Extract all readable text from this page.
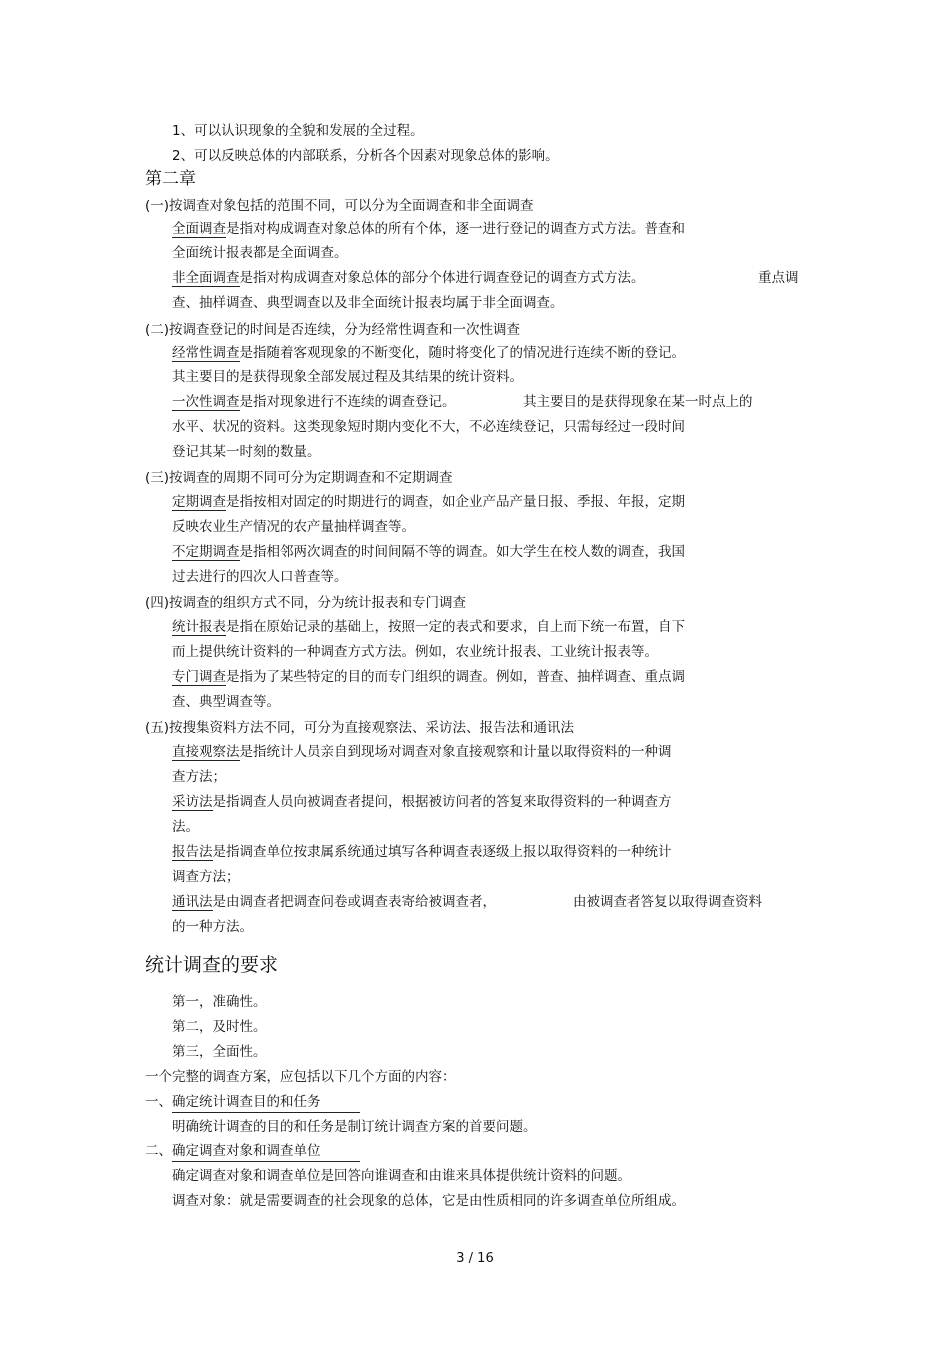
1、可以认识现象的全貌和发展的全过程。
2、可以反映总体的内部联系，分析各个因素对现象总体的影响。
第二章
(一)按调查对象包括的范围不同，可以分为全面调查和非全面调查
全面调查是指对构成调查对象总体的所有个体，逐一进行登记的调查方式方法。普查和
全面统计报表都是全面调查。
非全面调查是指对构成调查对象总体的部分个体进行调查登记的调查方式方法。	重点调
查、抽样调查、典型调查以及非全面统计报表均属于非全面调查。
(二)按调查登记的时间是否连续，分为经常性调查和一次性调查
经常性调查是指随着客观现象的不断变化，随时将变化了的情况进行连续不断的登记。
其主要目的是获得现象全部发展过程及其结果的统计资料。
一次性调查是指对现象进行不连续的调查登记。	其主要目的是获得现象在某一时点上的
水平、状况的资料。这类现象短时期内变化不大，不必连续登记，只需每经过一段时间
登记其某一时刻的数量。
(三)按调查的周期不同可分为定期调查和不定期调查
定期调查是指按相对固定的时期进行的调查，如企业产品产量日报、季报、年报，定期
反映农业生产情况的农产量抽样调查等。
不定期调查是指相邻两次调查的时间间隔不等的调查。如大学生在校人数的调查，我国
过去进行的四次人口普查等。
(四)按调查的组织方式不同，分为统计报表和专门调查
统计报表是指在原始记录的基础上，按照一定的表式和要求，自上而下统一布置，自下
而上提供统计资料的一种调查方式方法。例如，农业统计报表、工业统计报表等。
专门调查是指为了某些特定的目的而专门组织的调查。例如，普查、抽样调查、重点调
查、典型调查等。
(五)按搜集资料方法不同，可分为直接观察法、采访法、报告法和通讯法
直接观察法是指统计人员亲自到现场对调查对象直接观察和计量以取得资料的一种调
查方法；
采访法是指调查人员向被调查者提问，根据被访问者的答复来取得资料的一种调查方
法。
报告法是指调查单位按隶属系统通过填写各种调查表逐级上报以取得资料的一种统计
调查方法；
通讯法是由调查者把调查问卷或调查表寄给被调查者，	由被调查者答复以取得调查资料
的一种方法。
统计调查的要求
第一，准确性。
第二，及时性。
第三，全面性。
一个完整的调查方案，应包括以下几个方面的内容：
一、确定统计调查目的和任务
明确统计调查的目的和任务是制订统计调查方案的首要问题。
二、确定调查对象和调查单位
确定调查对象和调查单位是回答向谁调查和由谁来具体提供统计资料的问题。
调查对象：就是需要调查的社会现象的总体，它是由性质相同的许多调查单位所组成。
3 / 16
